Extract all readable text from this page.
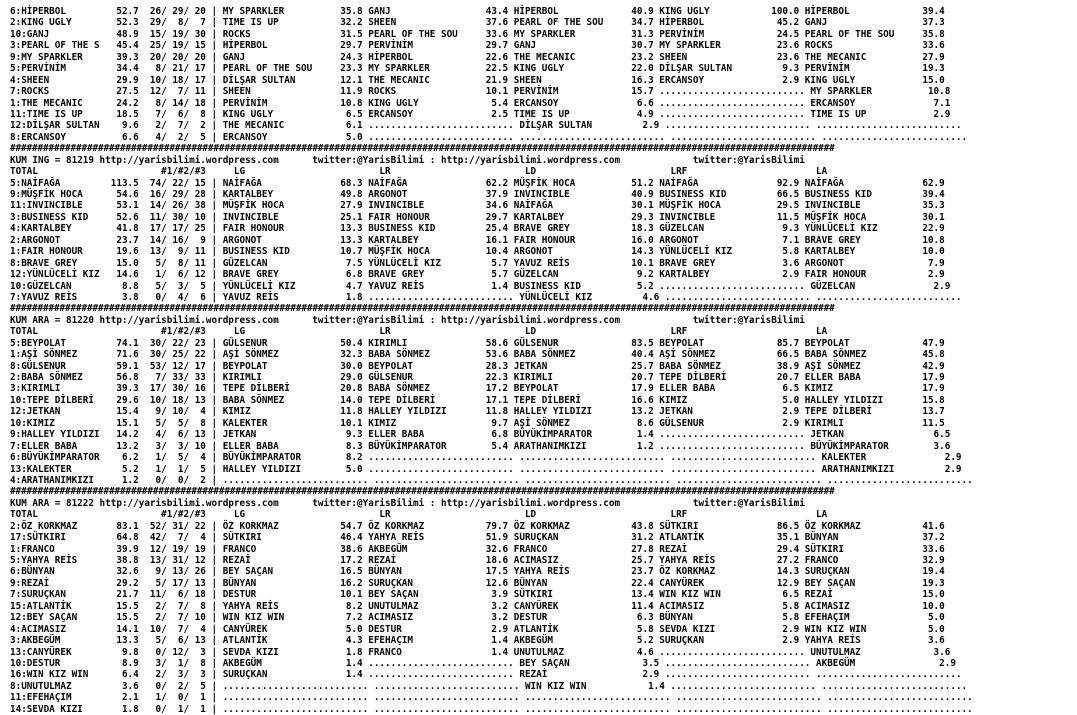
6:HİPERBOL         52.7  26/ 29/ 20 | MY SPARKLER          35.8 GANJ                 43.4 HİPERBOL             40.9 KING UGLY           100.0 HİPERBOL             39.4
2:KING UGLY        52.3  29/  8/  7 | TIME IS UP           32.2 SHEEN                37.6 PEARL OF THE SOU     34.7 HİPERBOL             45.2 GANJ                 37.3
10:GANJ            48.9  15/ 19/ 30 | ROCKS                31.5 PEARL OF THE SOU     33.6 MY SPARKLER          31.3 PERVİNİM             24.5 PEARL OF THE SOU     35.8
3:PEARL OF THE S   45.4  25/ 19/ 15 | HİPERBOL             29.7 PERVİNİM             29.7 GANJ                 30.7 MY SPARKLER          23.6 ROCKS                33.6
9:MY SPARKLER      39.3  20/ 20/ 20 | GANJ                 24.3 HİPERBOL             22.6 THE MECANIC          23.2 SHEEN                23.6 THE MECANIC          27.9
5:PERVİNİM         34.4   8/ 21/ 17 | PEARL OF THE SOU     23.3 MY SPARKLER          22.5 KING UGLY            22.0 DİLŞAR SULTAN         9.3 PERVİNİM             19.3
4:SHEEN            29.9  10/ 18/ 17 | DİLŞAR SULTAN        12.1 THE MECANIC          21.9 SHEEN                16.3 ERCANSOY              2.9 KING UGLY            15.0
7:ROCKS            27.5  12/  7/ 11 | SHEEN                11.9 ROCKS                10.1 PERVİNİM             15.7 .......................... MY SPARKLER          10.8
1:THE MECANIC      24.2   8/ 14/ 18 | PERVİNİM             10.8 KING UGLY             5.4 ERCANSOY              6.6 .......................... ERCANSOY              7.1
11:TIME IS UP      18.5   7/  6/  8 | KING UGLY             6.5 ERCANSOY              2.5 TIME IS UP            4.9 .......................... TIME IS UP            2.9
12:DİLŞAR SULTAN    9.6   2/  7/  2 | THE MECANIC           6.1 .......................... DİLŞAR SULTAN         2.9 .......................... ..........................
8:ERCANSOY          6.6   4/  2/  5 | ERCANSOY              5.0 .......................... .......................... .......................... ..........................
######################################################################################################################################################
KUM ING = 81219 http://yarisbilimi.wordpress.com      twitter:@YarisBilimi : http://yarisbilimi.wordpress.com             twitter:@YarisBilimi
TOTAL                      #1/#2/#3     LG                        LR                        LD                        LRF                       LA
5:NAİFAĞA         113.5  74/ 22/ 15 | NAİFAĞA              68.3 NAİFAĞA              62.2 MÜŞFİK HOCA          51.2 NAİFAĞA              92.9 NAİFAĞA              62.9
9:MÜŞFİK HOCA      54.6  16/ 29/ 28 | KARTALBEY            49.8 ARGONOT              37.9 INVINCIBLE           40.9 BUSINESS KID         66.5 BUSINESS KID         39.4
11:INVINCIBLE      53.1  14/ 26/ 38 | MÜŞFİK HOCA          27.9 INVINCIBLE           34.6 NAİFAĞA              30.1 MÜŞFİK HOCA          29.5 INVINCIBLE           35.3
3:BUSINESS KID     52.6  11/ 30/ 10 | INVINCIBLE           25.1 FAIR HONOUR          29.7 KARTALBEY            29.3 INVINCIBLE           11.5 MÜŞFİK HOCA          30.1
4:KARTALBEY        41.8  17/ 17/ 25 | FAIR HONOUR          13.3 BUSINESS KID         25.4 BRAVE GREY           18.3 GÜZELCAN              9.3 YÜNLÜCELİ KIZ        22.9
2:ARGONOT          23.7  14/ 16/  9 | ARGONOT              13.3 KARTALBEY            16.1 FAIR HONOUR          16.0 ARGONOT               7.1 BRAVE GREY           10.8
1:FAIR HONOUR      19.6  13/  9/ 11 | BUSINESS KID         10.7 MÜŞFİK HOCA          10.4 ARGONOT              14.3 YÜNLÜCELİ KIZ         5.8 KARTALBEY            10.0
8:BRAVE GREY       15.0   5/  8/ 11 | GÜZELCAN              7.5 YÜNLÜCELİ KIZ         5.7 YAVUZ REİS           10.1 BRAVE GREY            3.6 ARGONOT               7.9
12:YÜNLÜCELİ KIZ   14.6   1/  6/ 12 | BRAVE GREY            6.8 BRAVE GREY            5.7 GÜZELCAN              9.2 KARTALBEY             2.9 FAIR HONOUR           2.9
10:GÜZELCAN         8.8   5/  3/  5 | YÜNLÜCELİ KIZ         4.7 YAVUZ REİS            1.4 BUSINESS KID          5.2 .......................... GÜZELCAN              2.9
7:YAVUZ REİS        3.8   0/  4/  6 | YAVUZ REİS            1.8 .......................... YÜNLÜCELİ KIZ         4.6 .......................... ..........................
######################################################################################################################################################
KUM ARA = 81220 http://yarisbilimi.wordpress.com      twitter:@YarisBilimi : http://yarisbilimi.wordpress.com             twitter:@YarisBilimi
TOTAL                      #1/#2/#3     LG                        LR                        LD                        LRF                       LA
5:BEYPOLAT         74.1  30/ 22/ 23 | GÜLSENUR             50.4 KIRIMLI              58.6 GÜLSENUR             83.5 BEYPOLAT             85.7 BEYPOLAT             47.9
1:AŞİ SÖNMEZ       71.6  30/ 25/ 22 | AŞİ SÖNMEZ           32.3 BABA SÖNMEZ          53.6 BABA SÖNMEZ          40.4 AŞİ SÖNMEZ           66.5 BABA SÖNMEZ          45.8
8:GÜLSENUR         59.1  53/ 12/ 17 | BEYPOLAT             30.0 BEYPOLAT             28.3 JETKAN               25.7 BABA SÖNMEZ          38.9 AŞİ SÖNMEZ           42.9
2:BABA SÖNMEZ      56.8   7/ 33/ 33 | KIRIMLI              29.0 GÜLSENUR             22.3 KIRIMLI              20.7 TEPE DİLBERİ         20.7 ELLER BABA           17.9
3:KIRIMLI          39.3  17/ 30/ 16 | TEPE DİLBERİ         20.8 BABA SÖNMEZ          17.2 BEYPOLAT             17.9 ELLER BABA            6.5 KIMIZ                17.9
10:TEPE DİLBERİ    29.6  10/ 18/ 13 | BABA SÖNMEZ          14.0 TEPE DİLBERİ         17.1 TEPE DİLBERİ         16.6 KIMIZ                 5.0 HALLEY YILDIZI       15.8
12:JETKAN          15.4   9/ 10/  4 | KIMIZ                11.8 HALLEY YILDIZI       11.8 HALLEY YILDIZI       13.2 JETKAN                2.9 TEPE DİLBERİ         13.7
10:KIMIZ           15.1   5/  5/  8 | KALEKTER             10.1 KIMIZ                 9.7 AŞİ SÖNMEZ            8.6 GÜLSENUR              2.9 KIRIMLI              11.5
9:HALLEY YILDIZI   14.2   4/  6/ 13 | JETKAN                9.3 ELLER BABA            6.8 BÜYÜKİMPARATOR        1.4 .......................... JETKAN                6.5
7:ELLER BABA       13.2   3/  3/ 10 | ELLER BABA            8.3 BÜYÜKİMPARATOR        5.4 ARATHANIMKIZI         1.2 .......................... BÜYÜKİMPARATOR        3.6
6:BÜYÜKİMPARATOR    6.2   1/  5/  4 | BÜYÜKİMPARATOR        8.2 .......................... .......................... .......................... KALEKTER              2.9
13:KALEKTER         5.2   1/  1/  5 | HALLEY YILDIZI        5.0 .......................... .......................... .......................... ARATHANIMKIZI         2.9
4:ARATHANIMKIZI     1.2   0/  0/  2 | .......................... .......................... .......................... .......................... ..........................
######################################################################################################################################################
KUM ARA = 81222 http://yarisbilimi.wordpress.com      twitter:@YarisBilimi : http://yarisbilimi.wordpress.com             twitter:@YarisBilimi
TOTAL                      #1/#2/#3     LG                        LR                        LD                        LRF                       LA
2:ÖZ KORKMAZ       83.1  52/ 31/ 22 | ÖZ KORKMAZ           54.7 ÖZ KORKMAZ           79.7 ÖZ KORKMAZ           43.8 SÜTKIRI              86.5 ÖZ KORKMAZ           41.6
17:SÜTKIRI         64.8  42/  7/  4 | SÜTKIRI              46.4 YAHYA REİS           51.9 SURUÇKAN             31.2 ATLANTİK             35.1 BÜNYAN               37.2
1:FRANCO           39.9  12/ 19/ 19 | FRANCO               38.6 AKBEGÜM              32.6 FRANCO               27.8 REZAİ                29.4 SÜTKIRI              33.6
5:YAHYA REİS       38.8  13/ 31/ 12 | REZAİ                17.2 REZAİ                18.6 ACIMASIZ             25.7 YAHYA REİS           27.2 FRANCO               32.9
6:BÜNYAN           32.6   9/ 13/ 26 | BEY SAÇAN            16.5 BÜNYAN               17.5 YAHYA REİS           23.7 ÖZ KORKMAZ           14.3 SURUÇKAN             19.4
9:REZAİ            29.2   5/ 17/ 13 | BÜNYAN               16.2 SURUÇKAN             12.6 BÜNYAN               22.4 CANYÜREK             12.9 BEY SAÇAN            19.3
7:SURUÇKAN         21.7  11/  6/ 18 | DESTUR               10.1 BEY SAÇAN             3.9 SÜTKIRI              13.4 WIN KIZ WIN           6.5 REZAİ                15.0
15:ATLANTİK        15.5   2/  7/  8 | YAHYA REİS            8.2 UNUTULMAZ             3.2 CANYÜREK             11.4 ACIMASIZ              5.8 ACIMASIZ             10.0
12:BEY SAÇAN       15.5   2/  7/ 10 | WIN KIZ WIN           7.2 ACIMASIZ              3.2 DESTUR                6.3 BÜNYAN                5.8 EFEHAÇIM              5.0
4:ACIMASIZ         14.1  10/  7/  4 | CANYÜREK              5.0 DESTUR                2.9 ATLANTİK              5.8 SEVDA KIZI            2.9 WIN KIZ WIN           5.0
3:AKBEGÜM          13.3   5/  6/ 13 | ATLANTİK              4.3 EFEHAÇIM              1.4 AKBEGÜM               5.2 SURUÇKAN              2.9 YAHYA REİS            3.6
13:CANYÜREK         9.8   0/ 12/  3 | SEVDA KIZI            1.8 FRANCO                1.4 UNUTULMAZ             4.6 .......................... UNUTULMAZ             3.6
10:DESTUR           8.9   3/  1/  8 | AKBEGÜM               1.4 .......................... BEY SAÇAN             3.5 .......................... AKBEGÜM               2.9
16:WIN KIZ WIN      6.4   2/  3/  3 | SURUÇKAN              1.4 .......................... REZAİ                 2.9 .......................... ..........................
8:UNUTULMAZ         3.6   0/  2/  5 | .......................... .......................... WIN KIZ WIN           1.4 .......................... ..........................
11:EFEHAÇIM         2.1   1/  0/  1 | .......................... .......................... .......................... .......................... ..........................
14:SEVDA KIZI       1.8   0/  1/  1 | .......................... .......................... .......................... .......................... ..........................
